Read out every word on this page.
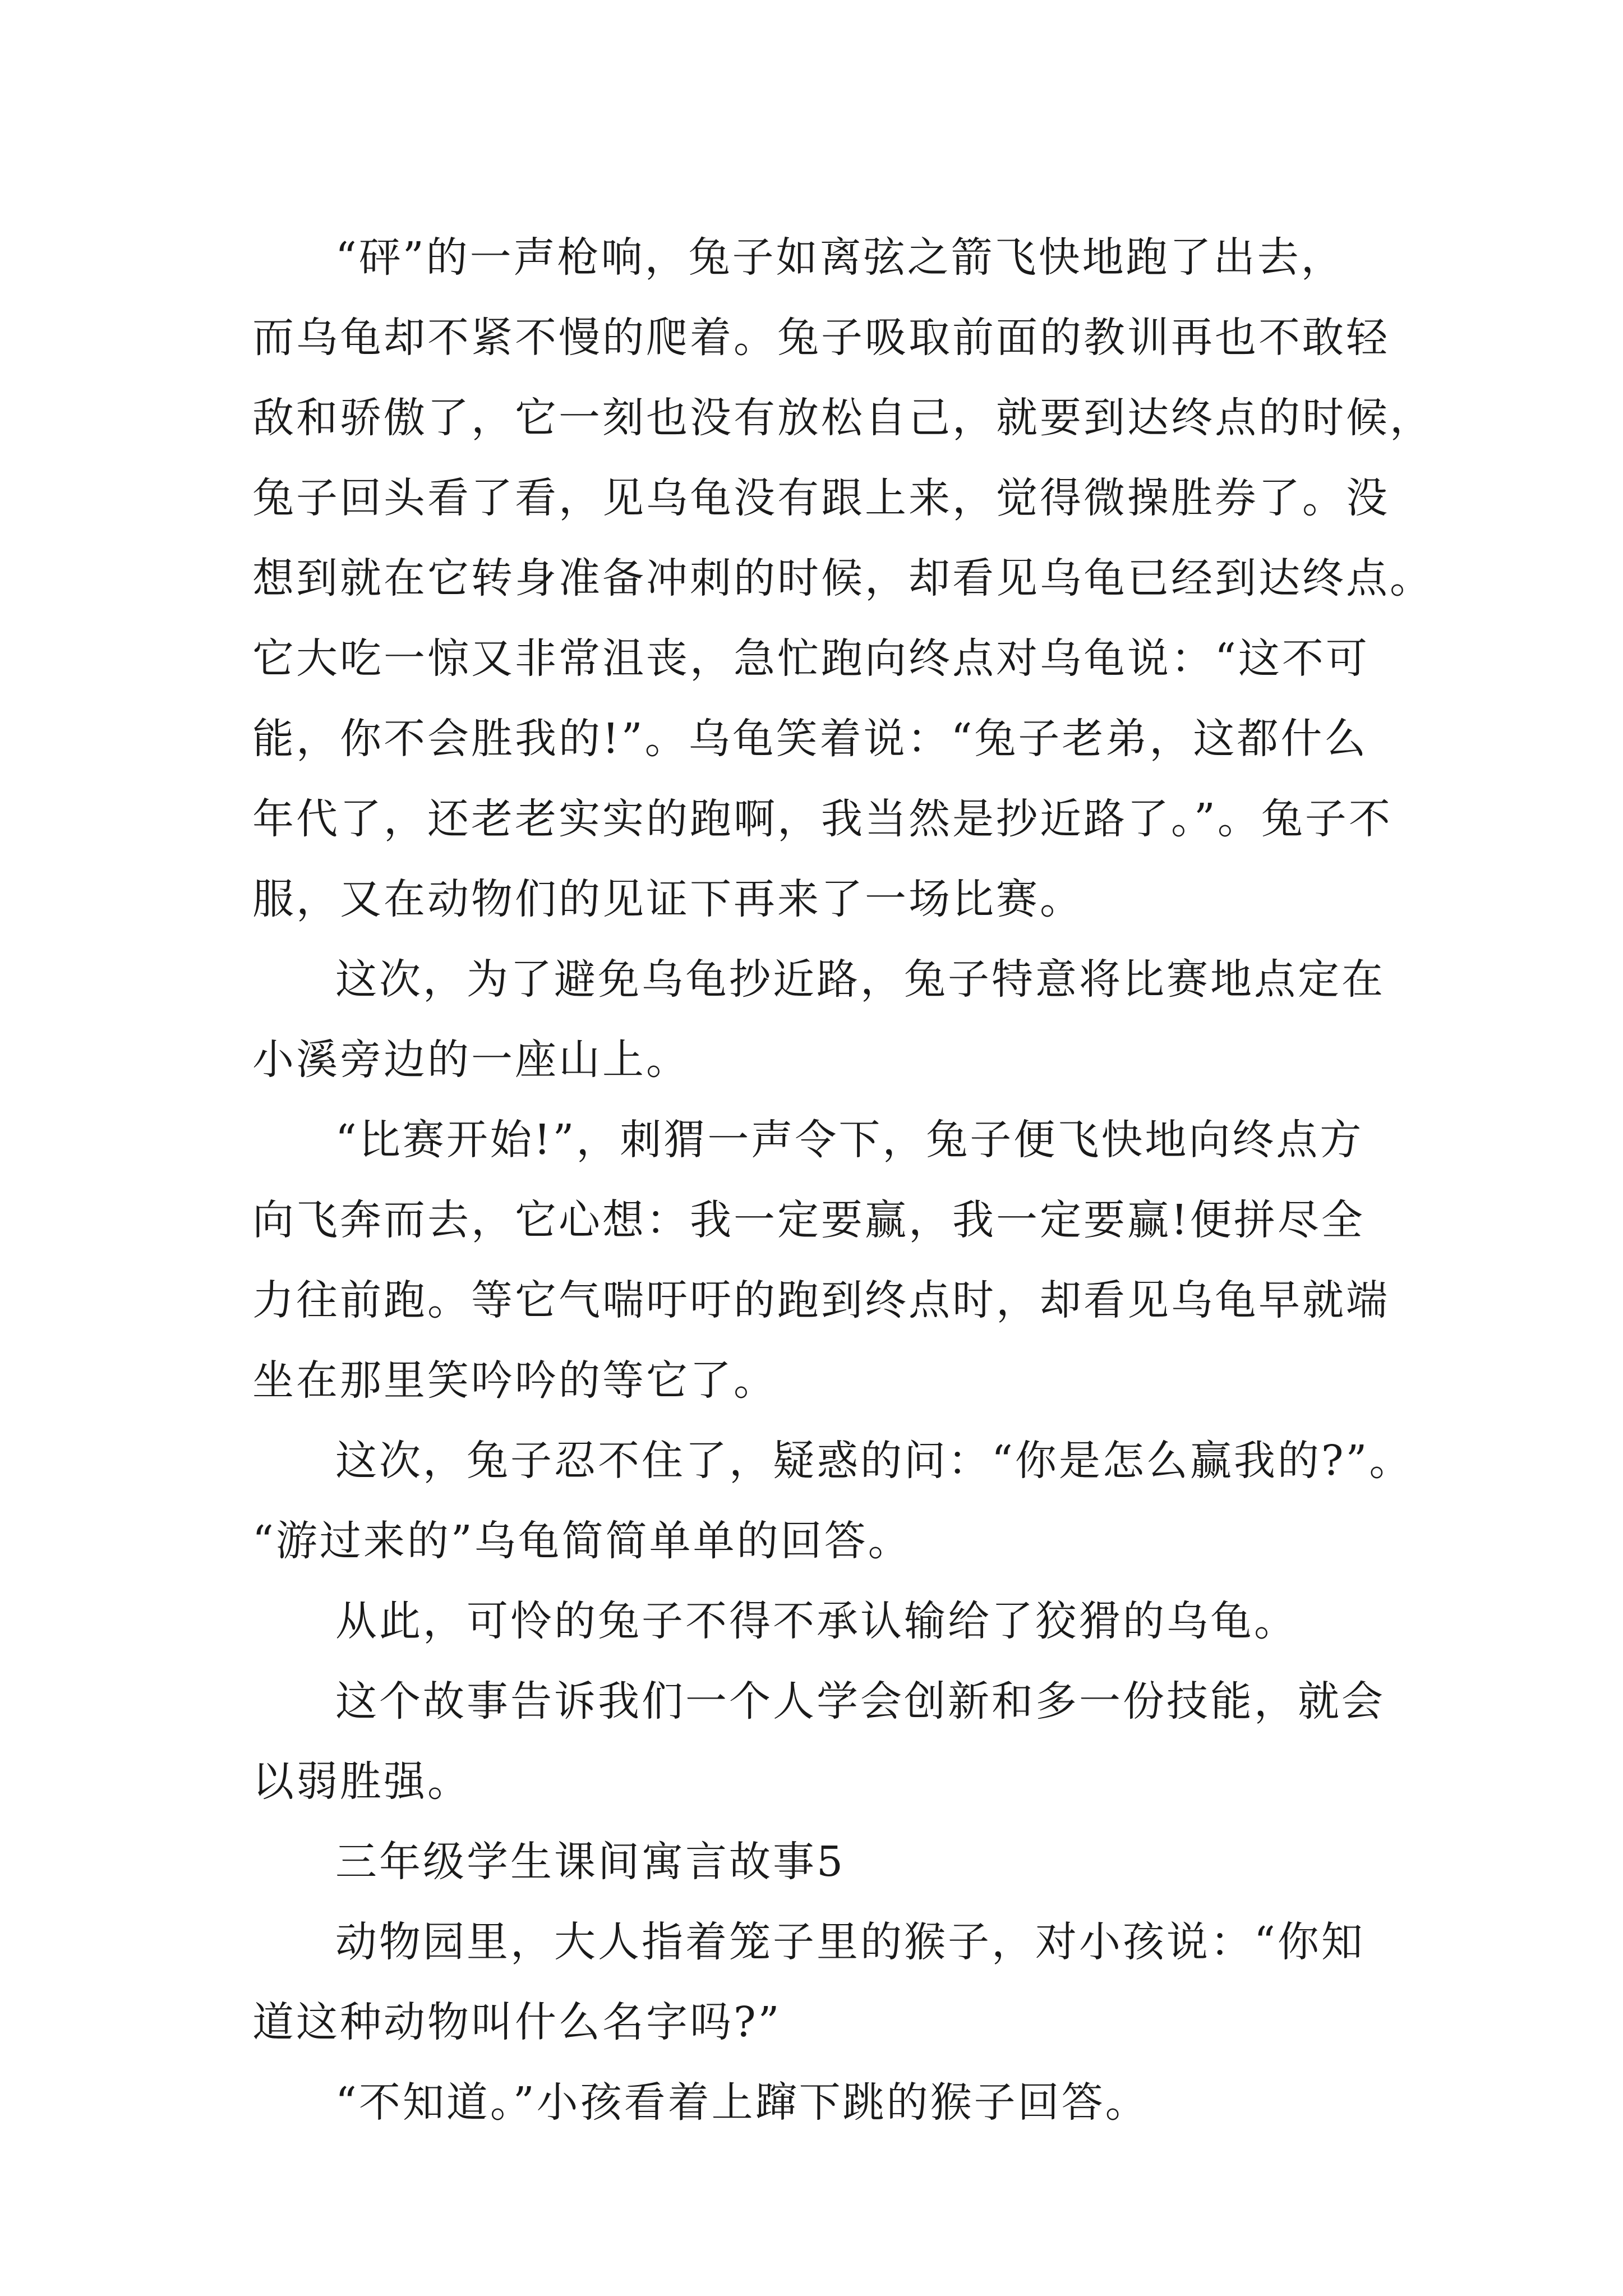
“砰”的一声枪响，兔子如离弦之箭飞快地跑了出去，
而乌龟却不紧不慢的爬着。兔子吸取前面的教训再也不敢轻
敌和骄傲了，它一刻也没有放松自己，就要到达终点的时候，
兔子回头看了看，见乌龟没有跟上来，觉得微操胜券了。没
想到就在它转身准备冲刺的时候，却看见乌龟已经到达终点。
它大吃一惊又非常沮丧，急忙跑向终点对乌龟说：“这不可
能，你不会胜我的!”。乌龟笑着说：“兔子老弟，这都什么
年代了，还老老实实的跑啊，我当然是抄近路了。”。兔子不
服，又在动物们的见证下再来了一场比赛。
这次，为了避免乌龟抄近路，兔子特意将比赛地点定在
小溪旁边的一座山上。
“比赛开始!”，刺猬一声令下，兔子便飞快地向终点方
向飞奔而去，它心想：我一定要赢，我一定要赢!便拼尽全
力往前跑。等它气喘吁吁的跑到终点时，却看见乌龟早就端
坐在那里笑吟吟的等它了。
这次，兔子忍不住了，疑惑的问：“你是怎么赢我的?”。
“游过来的”乌龟简简单单的回答。
从此，可怜的兔子不得不承认输给了狡猾的乌龟。
这个故事告诉我们一个人学会创新和多一份技能，就会
以弱胜强。
三年级学生课间寓言故事5
动物园里，大人指着笼子里的猴子，对小孩说：“你知
道这种动物叫什么名字吗?”
“不知道。”小孩看着上蹿下跳的猴子回答。
